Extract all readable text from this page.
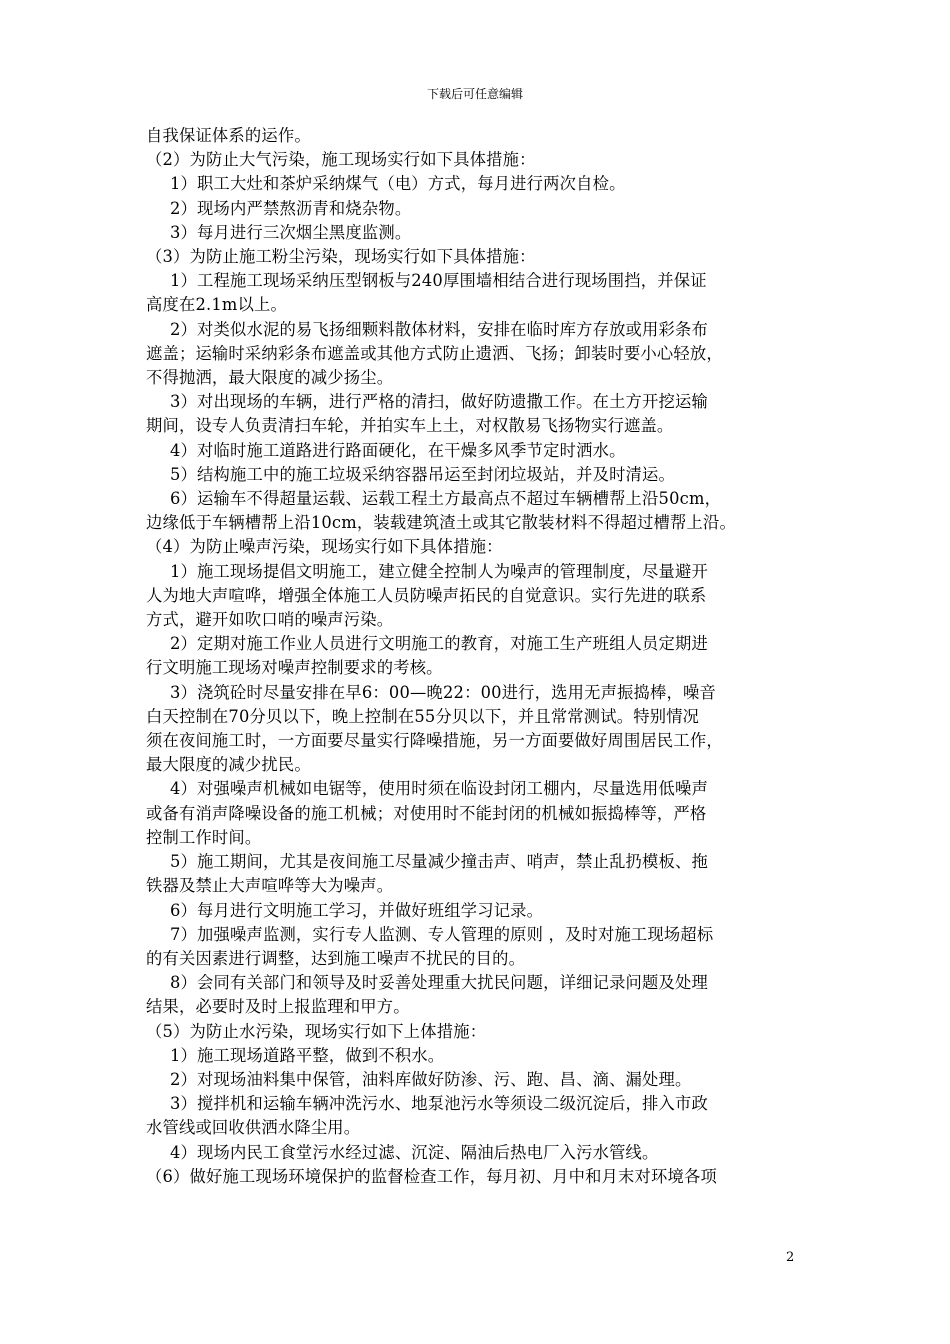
下载后可任意编辑
自我保证体系的运作。
（2）为防止大气污染，施工现场实行如下具体措施：
1）职工大灶和茶炉采纳煤气（电）方式，每月进行两次自检。
2）现场内严禁熬沥青和烧杂物。
3）每月进行三次烟尘黑度监测。
（3）为防止施工粉尘污染，现场实行如下具体措施：
1）工程施工现场采纳压型钢板与240厚围墙相结合进行现场围挡，并保证
高度在2.1m以上。
2）对类似水泥的易飞扬细颗料散体材料，安排在临时库方存放或用彩条布
遮盖；运输时采纳彩条布遮盖或其他方式防止遗洒、飞扬；卸装时要小心轻放，
不得抛洒，最大限度的减少扬尘。
3）对出现场的车辆，进行严格的清扫，做好防遗撒工作。在土方开挖运输
期间，设专人负责清扫车轮，并拍实车上土，对权散易飞扬物实行遮盖。
4）对临时施工道路进行路面硬化，在干燥多风季节定时洒水。
5）结构施工中的施工垃圾采纳容器吊运至封闭垃圾站，并及时清运。
6）运输车不得超量运载、运载工程土方最高点不超过车辆槽帮上沿50cm，
边缘低于车辆槽帮上沿10cm，装载建筑渣土或其它散装材料不得超过槽帮上沿。
（4）为防止噪声污染，现场实行如下具体措施：
1）施工现场提倡文明施工，建立健全控制人为噪声的管理制度，尽量避开
人为地大声喧哗，增强全体施工人员防噪声拓民的自觉意识。实行先进的联系
方式，避开如吹口哨的噪声污染。
2）定期对施工作业人员进行文明施工的教育，对施工生产班组人员定期进
行文明施工现场对噪声控制要求的考核。
3）浇筑砼时尽量安排在早6：00—晚22：00进行，选用无声振捣棒，噪音
白天控制在70分贝以下，晚上控制在55分贝以下，并且常常测试。特别情况
须在夜间施工时，一方面要尽量实行降噪措施，另一方面要做好周围居民工作，
最大限度的减少扰民。
4）对强噪声机械如电锯等，使用时须在临设封闭工棚内，尽量选用低噪声
或备有消声降噪设备的施工机械；对使用时不能封闭的机械如振捣棒等，严格
控制工作时间。
5）施工期间，尤其是夜间施工尽量减少撞击声、哨声，禁止乱扔模板、拖
铁器及禁止大声喧哗等大为噪声。
6）每月进行文明施工学习，并做好班组学习记录。
7）加强噪声监测，实行专人监测、专人管理的原则 ，及时对施工现场超标
的有关因素进行调整，达到施工噪声不扰民的目的。
8）会同有关部门和领导及时妥善处理重大扰民问题，详细记录问题及处理
结果，必要时及时上报监理和甲方。
（5）为防止水污染，现场实行如下上体措施：
1）施工现场道路平整，做到不积水。
2）对现场油料集中保管，油料库做好防渗、污、跑、昌、滴、漏处理。
3）搅拌机和运输车辆冲洗污水、地泵池污水等须设二级沉淀后，排入市政
水管线或回收供洒水降尘用。
4）现场内民工食堂污水经过滤、沉淀、隔油后热电厂入污水管线。
（6）做好施工现场环境保护的监督检查工作，每月初、月中和月末对环境各项
2
